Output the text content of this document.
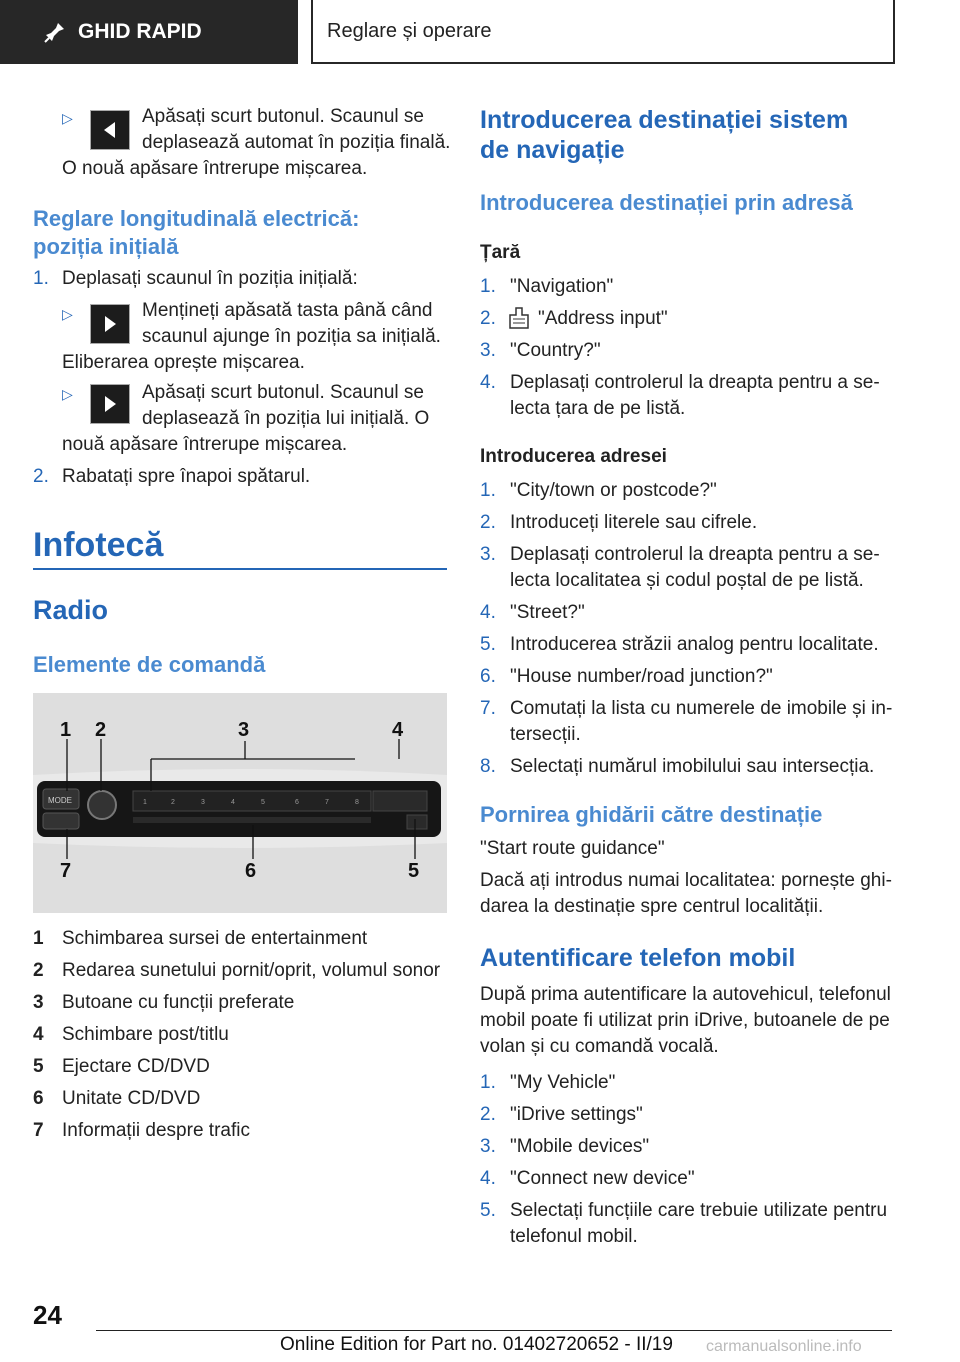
GHID RAPID	Reglare și operare
▷	Apăsați scurt butonul. Scaunul se
deplasează automat în poziția finală.
O nouă apăsare întrerupe mișcarea.
Reglare longitudinală electrică:
poziția inițială
1. Deplasați scaunul în poziția inițială:
▷	Mențineți apăsată tasta până când
scaunul ajunge în poziția sa inițială.
Eliberarea oprește mișcarea.
▷	Apăsați scurt butonul. Scaunul se
deplasează în poziția lui inițială. O
nouă apăsare întrerupe mișcarea.
2. Rabatați spre înapoi spătarul.
Infotecă
Radio
Elemente de comandă
MODE	1	2	3	4	5	6	7	8
1 2	3	4
7	6	5
1 Schimbarea sursei de entertainment
2 Redarea sunetului pornit/oprit, volumul sonor
3 Butoane cu funcții preferate
4 Schimbare post/titlu
5 Ejectare CD/DVD
6 Unitate CD/DVD
7 Informații despre trafic
Introducerea destinației sistem
de navigație
Introducerea destinației prin adresă
Țară
1. "Navigation"
2. "Address input"
3. "Country?"
4. Deplasați controlerul la dreapta pentru a se-
lecta țara de pe listă.
Introducerea adresei
1. "City/town or postcode?"
2. Introduceți literele sau cifrele.
3. Deplasați controlerul la dreapta pentru a se-
lecta localitatea și codul poștal de pe listă.
4. "Street?"
5. Introducerea străzii analog pentru localitate.
6. "House number/road junction?"
7. Comutați la lista cu numerele de imobile și in-
tersecții.
8. Selectați numărul imobilului sau intersecția.
Pornirea ghidării către destinație
"Start route guidance"
Dacă ați introdus numai localitatea: pornește ghi-
darea la destinație spre centrul localității.
Autentificare telefon mobil
După prima autentificare la autovehicul, telefonul
mobil poate fi utilizat prin iDrive, butoanele de pe
volan și cu comandă vocală.
1. "My Vehicle"
2. "iDrive settings"
3. "Mobile devices"
4. "Connect new device"
5. Selectați funcțiile care trebuie utilizate pentru
telefonul mobil.
24
Online Edition for Part no. 01402720652 - II/19 carmanualsonline.info
